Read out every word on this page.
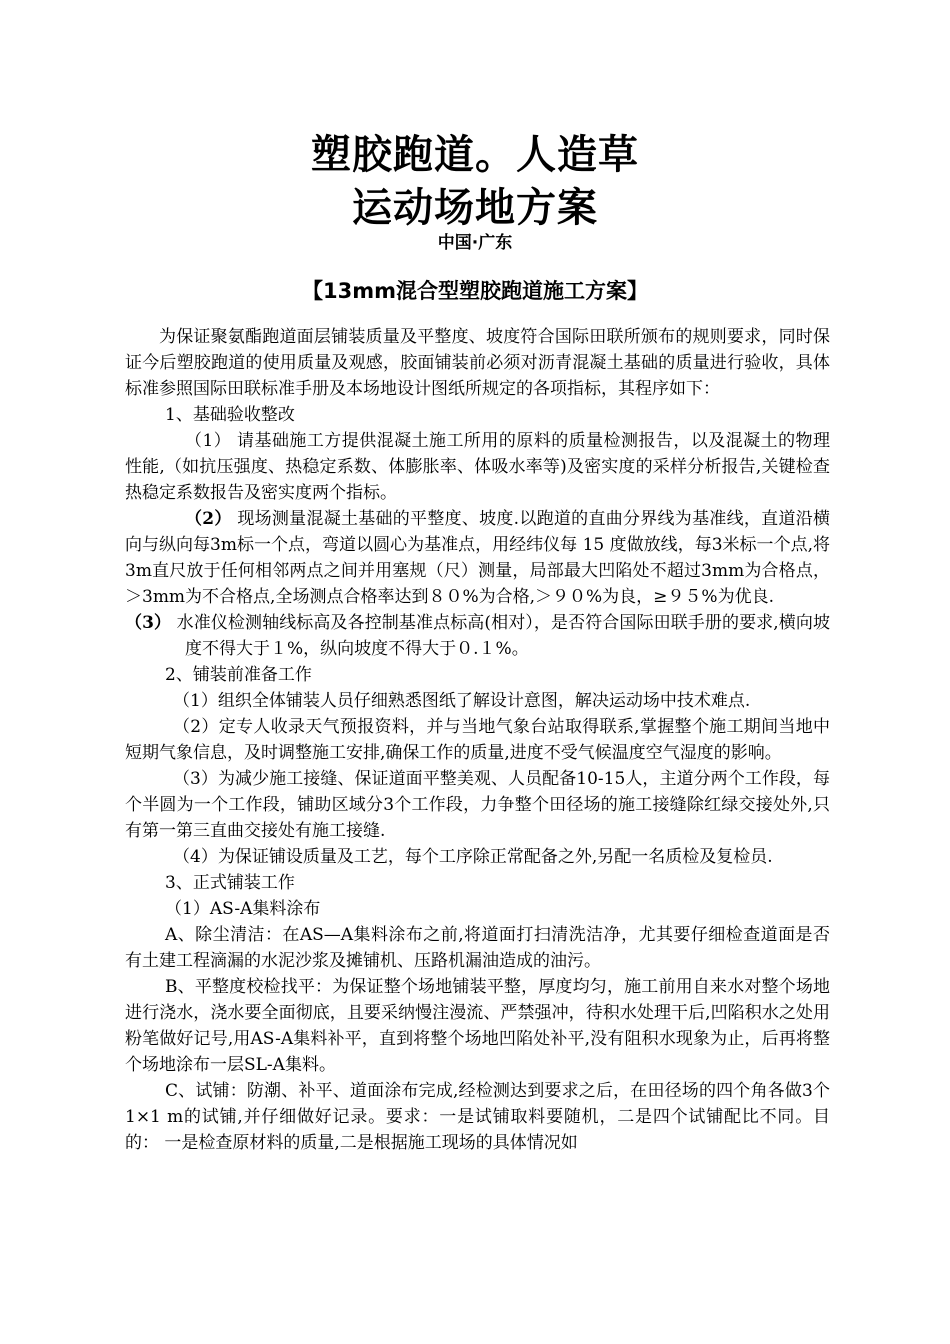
塑胶跑道。人造草
运动场地方案
中国·广东
【13mm混合型塑胶跑道施工方案】

为保证聚氨酯跑道面层铺装质量及平整度、坡度符合国际田联所颁布的规则要求，同时保证今后塑胶跑道的使用质量及观感，胶面铺装前必须对沥青混凝土基础的质量进行验收，具体标准参照国际田联标准手册及本场地设计图纸所规定的各项指标，其程序如下：

1、基础验收整改

（1） 请基础施工方提供混凝土施工所用的原料的质量检测报告，以及混凝土的物理性能,（如抗压强度、热稳定系数、体膨胀率、体吸水率等)及密实度的采样分析报告,关键检查热稳定系数报告及密实度两个指标。

（2） 现场测量混凝土基础的平整度、坡度.以跑道的直曲分界线为基准线，直道沿横向与纵向每3m标一个点，弯道以圆心为基准点，用经纬仪每 15 度做放线，每3米标一个点,将3m直尺放于任何相邻两点之间并用塞规（尺）测量，局部最大凹陷处不超过3mm为合格点，＞3mm为不合格点,全场测点合格率达到８０%为合格,＞９０%为良，≥９５%为优良.

（3） 水准仪检测轴线标高及各控制基准点标高(相对），是否符合国际田联手册的要求,横向坡度不得大于１%，纵向坡度不得大于０.１%。

2、铺装前准备工作

（1）组织全体铺装人员仔细熟悉图纸了解设计意图，解决运动场中技术难点.

（2）定专人收录天气预报资料，并与当地气象台站取得联系,掌握整个施工期间当地中短期气象信息，及时调整施工安排,确保工作的质量,进度不受气候温度空气湿度的影响。

（3）为减少施工接缝、保证道面平整美观、人员配备10-15人，主道分两个工作段，每个半圆为一个工作段，铺助区域分3个工作段，力争整个田径场的施工接缝除红绿交接处外,只有第一第三直曲交接处有施工接缝.

（4）为保证铺设质量及工艺，每个工序除正常配备之外,另配一名质检及复检员.

3、正式铺装工作

（1）AS-A集料涂布

A、除尘清洁：在AS—A集料涂布之前,将道面打扫清洗洁净，尤其要仔细检查道面是否有土建工程滴漏的水泥沙浆及摊铺机、压路机漏油造成的油污。

B、平整度校检找平：为保证整个场地铺装平整，厚度均匀，施工前用自来水对整个场地进行浇水，浇水要全面彻底，且要采纳慢注漫流、严禁强冲，待积水处理干后,凹陷积水之处用粉笔做好记号,用AS-A集料补平，直到将整个场地凹陷处补平,没有阻积水现象为止，后再将整个场地涂布一层SL-A集料。

C、试铺：防潮、补平、道面涂布完成,经检测达到要求之后，在田径场的四个角各做3个1×1 m的试铺,并仔细做好记录。要求：一是试铺取料要随机，二是四个试铺配比不同。目的： 一是检查原材料的质量,二是根据施工现场的具体情况如
